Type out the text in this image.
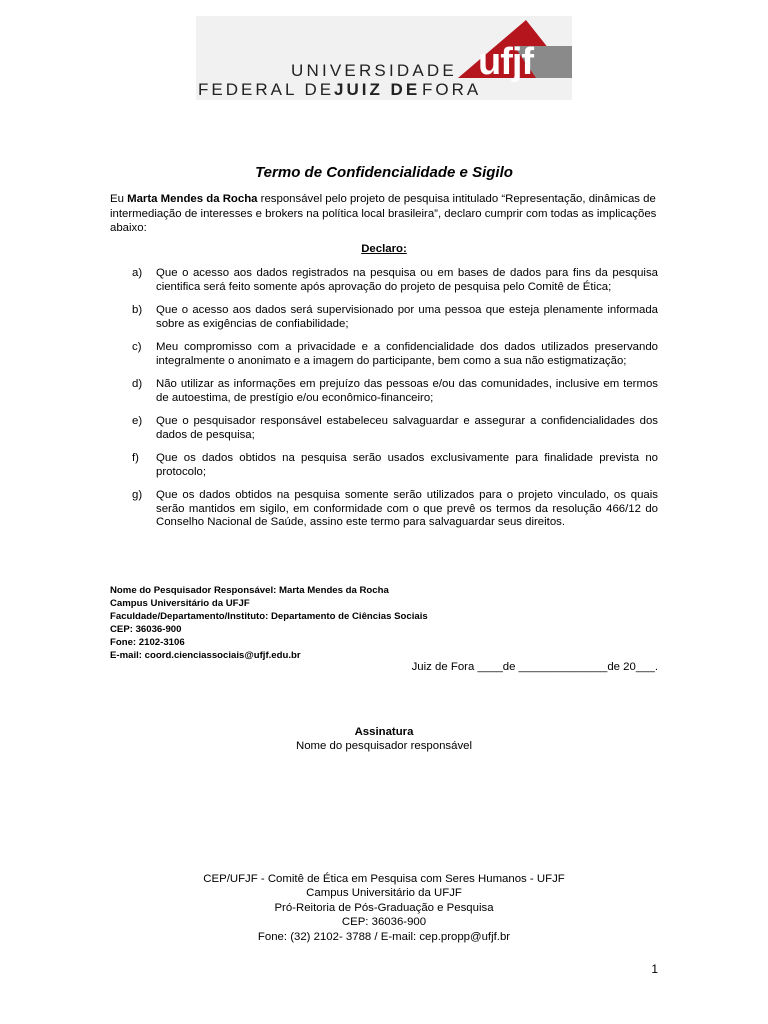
UNIVERSIDADE
FEDERAL DE JUIZ DE FORA
ufjf
Termo de Confidencialidade e Sigilo
Eu Marta Mendes da Rocha responsável pelo projeto de pesquisa intitulado “Representação, dinâmicas de intermediação de interesses e brokers na política local brasileira”, declaro cumprir com todas as implicações abaixo:
Declaro:
a)	Que o acesso aos dados registrados na pesquisa ou em bases de dados para fins da pesquisa cientifica será feito somente após aprovação do projeto de pesquisa pelo Comitê de Ética;
b)	Que o acesso aos dados será supervisionado por uma pessoa que esteja plenamente informada sobre as exigências de confiabilidade;
c)	Meu compromisso com a privacidade e a confidencialidade dos dados utilizados preservando integralmente o anonimato e a imagem do participante, bem como a sua não estigmatização;
d)	Não utilizar as informações em prejuízo das pessoas e/ou das comunidades, inclusive em termos de autoestima, de prestígio e/ou econômico-financeiro;
e)	Que o pesquisador responsável estabeleceu salvaguardar e assegurar a confidencialidades dos dados de pesquisa;
f)	Que os dados obtidos na pesquisa serão usados exclusivamente para finalidade prevista no protocolo;
g)	Que os dados obtidos na pesquisa somente serão utilizados para o projeto vinculado, os quais serão mantidos em sigilo, em conformidade com o que prevê os termos da resolução 466/12 do Conselho Nacional de Saúde, assino este termo para salvaguardar seus direitos.
Nome do Pesquisador Responsável: Marta Mendes da Rocha
Campus Universitário da UFJF
Faculdade/Departamento/Instituto: Departamento de Ciências Sociais
CEP: 36036-900
Fone: 2102-3106
E-mail: coord.cienciassociais@ufjf.edu.br
Juiz de Fora ____de ______________de 20___.
Assinatura
Nome do pesquisador responsável
CEP/UFJF - Comitê de Ética em Pesquisa com Seres Humanos - UFJF
Campus Universitário da UFJF
Pró-Reitoria de Pós-Graduação e Pesquisa
CEP: 36036-900
Fone: (32) 2102- 3788 / E-mail: cep.propp@ufjf.br
1
